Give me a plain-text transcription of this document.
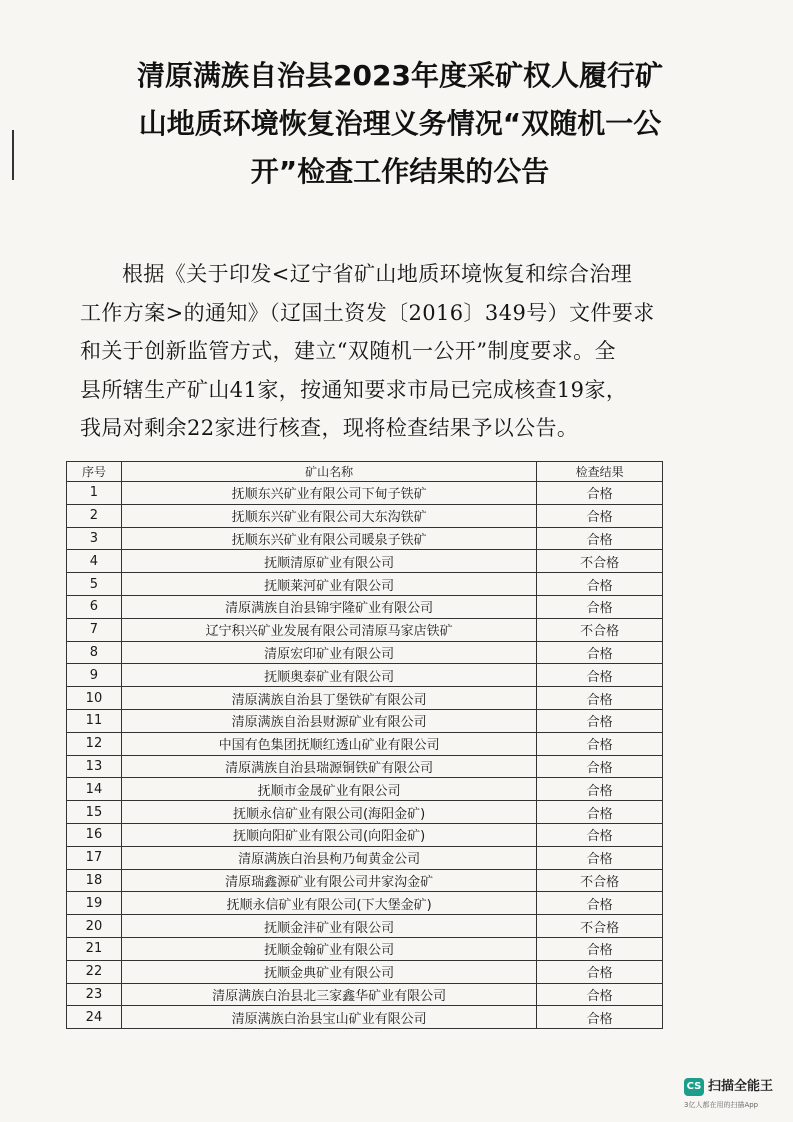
清原满族自治县2023年度采矿权人履行矿
山地质环境恢复治理义务情况“双随机一公
开”检查工作结果的公告
根据《关于印发<辽宁省矿山地质环境恢复和综合治理
工作方案>的通知》（辽国土资发〔2016〕349号）文件要求
和关于创新监管方式，建立“双随机一公开”制度要求。全
县所辖生产矿山41家，按通知要求市局已完成核查19家，
我局对剩余22家进行核查，现将检查结果予以公告。
序号	矿山名称	检查结果
1	抚顺东兴矿业有限公司下甸子铁矿	合格
2	抚顺东兴矿业有限公司大东沟铁矿	合格
3	抚顺东兴矿业有限公司暖泉子铁矿	合格
4	抚顺清原矿业有限公司	不合格
5	抚顺莱河矿业有限公司	合格
6	清原满族自治县锦宇隆矿业有限公司	合格
7	辽宁积兴矿业发展有限公司清原马家店铁矿	不合格
8	清原宏印矿业有限公司	合格
9	抚顺奥泰矿业有限公司	合格
10	清原满族自治县丁堡铁矿有限公司	合格
11	清原满族自治县财源矿业有限公司	合格
12	中国有色集团抚顺红透山矿业有限公司	合格
13	清原满族自治县瑞源铜铁矿有限公司	合格
14	抚顺市金晟矿业有限公司	合格
15	抚顺永信矿业有限公司(海阳金矿)	合格
16	抚顺向阳矿业有限公司(向阳金矿)	合格
17	清原满族白治县枸乃甸黄金公司	合格
18	清原瑞鑫源矿业有限公司井家沟金矿	不合格
19	抚顺永信矿业有限公司(下大堡金矿)	合格
20	抚顺金沣矿业有限公司	不合格
21	抚顺金翰矿业有限公司	合格
22	抚顺金典矿业有限公司	合格
23	清原满族白治县北三家鑫华矿业有限公司	合格
24	清原满族白治县宝山矿业有限公司	合格
CS 扫描全能王
3亿人都在用的扫描App
